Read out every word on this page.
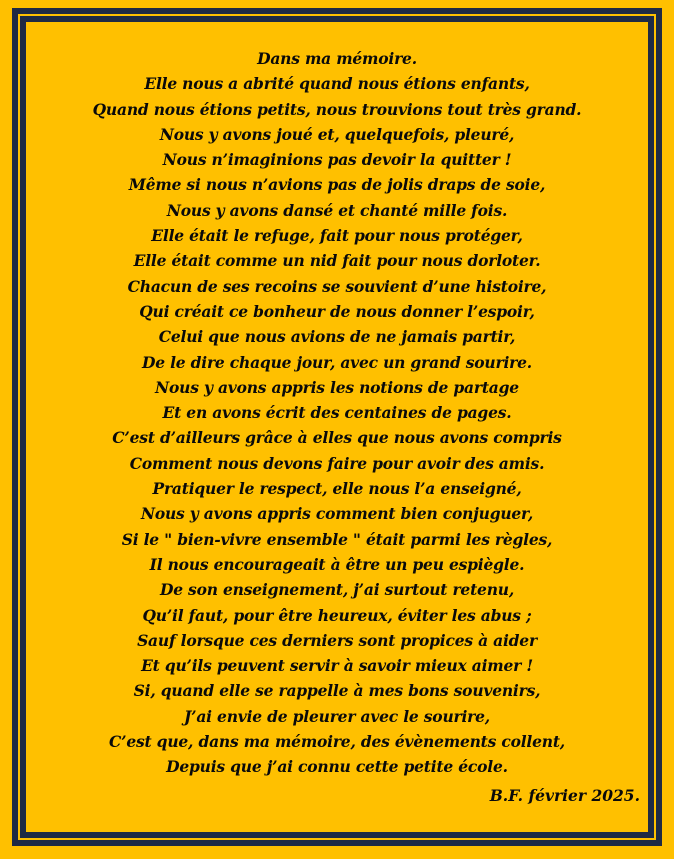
Dans ma mémoire.
Elle nous a abrité quand nous étions enfants,
Quand nous étions petits, nous trouvions tout très grand.
Nous y avons joué et, quelquefois, pleuré,
Nous n’imaginions pas devoir la quitter !
Même si nous n’avions pas de jolis draps de soie,
Nous y avons dansé et chanté mille fois.
Elle était le refuge, fait pour nous protéger,
Elle était comme un nid fait pour nous dorloter.
Chacun de ses recoins se souvient d’une histoire,
Qui créait ce bonheur de nous donner l’espoir,
Celui que nous avions de ne jamais partir,
De le dire chaque jour, avec un grand sourire.
Nous y avons appris les notions de partage
Et en avons écrit des centaines de pages.
C’est d’ailleurs grâce à elles que nous avons compris
Comment nous devons faire pour avoir des amis.
Pratiquer le respect, elle nous l’a enseigné,
Nous y avons appris comment bien conjuguer,
Si le " bien-vivre ensemble " était parmi les règles,
Il nous encourageait à être un peu espiègle.
De son enseignement, j’ai surtout retenu,
Qu’il faut, pour être heureux, éviter les abus ;
Sauf lorsque ces derniers sont propices à aider
Et qu’ils peuvent servir à savoir mieux aimer !
Si, quand elle se rappelle à mes bons souvenirs,
J’ai envie de pleurer avec le sourire,
C’est que, dans ma mémoire, des évènements collent,
Depuis que j’ai connu cette petite école.
B.F. février 2025.
